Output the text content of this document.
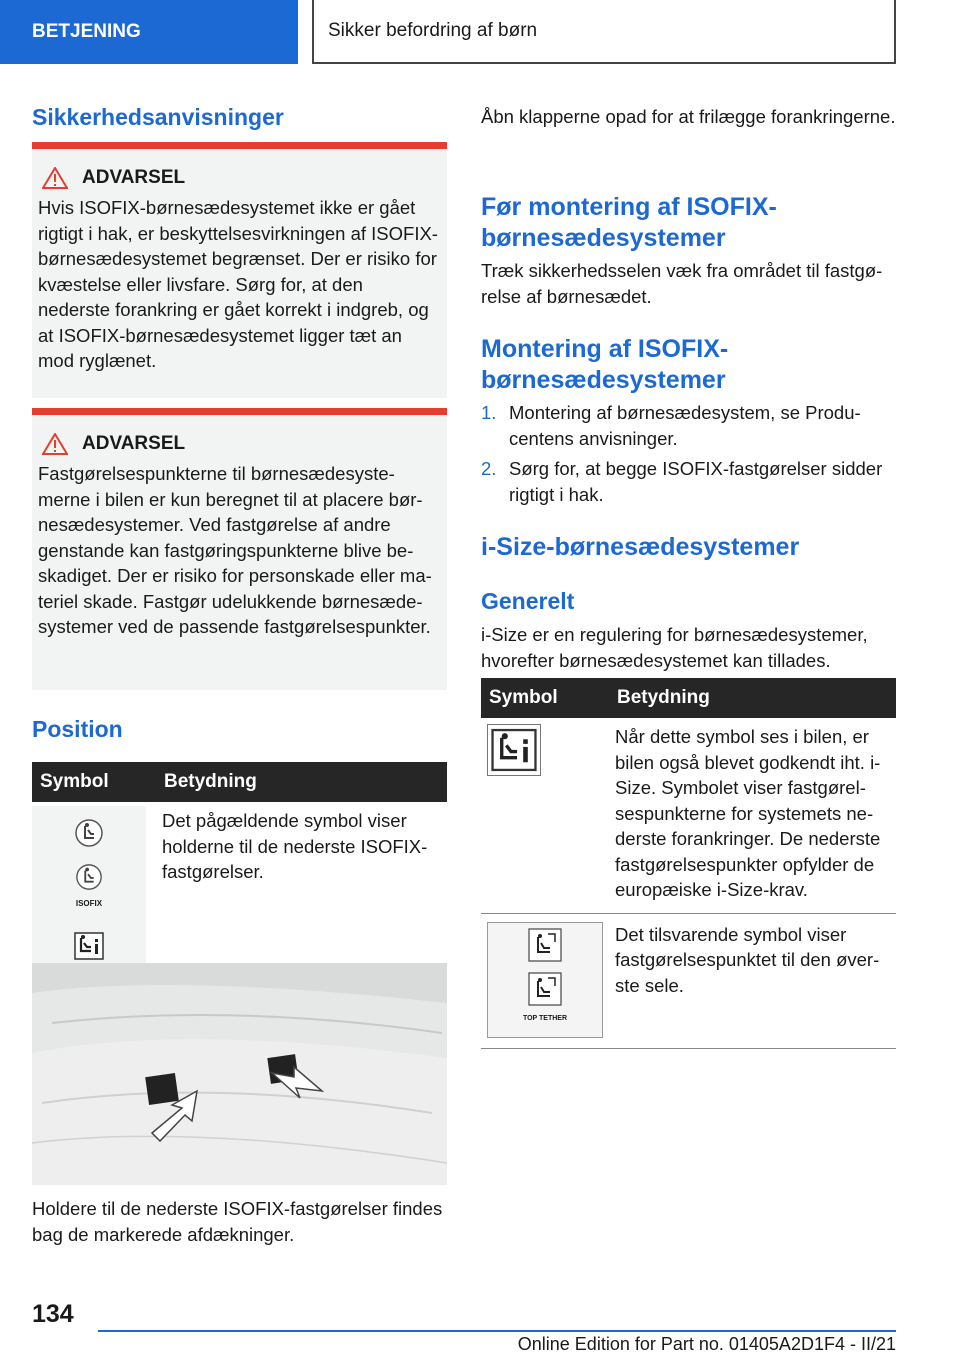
BETJENING	Sikker befordring af børn
Sikkerhedsanvisninger
ADVARSEL
Hvis ISOFIX-børnesædesystemet ikke er gået rigtigt i hak, er beskyttelsesvirkningen af ISOFIX-børnesædesystemet begrænset. Der er risiko for kvæstelse eller livsfare. Sørg for, at den nederste forankring er gået korrekt i indgreb, og at ISOFIX-børnesædesystemet ligger tæt an mod ryglænet.
ADVARSEL
Fastgørelsespunkterne til børnesædesystemerne i bilen er kun beregnet til at placere børnesædesystemer. Ved fastgørelse af andre genstande kan fastgøringspunkterne blive beskadiget. Der er risiko for personskade eller materiel skade. Fastgør udelukkende børnesædesystemer ved de passende fastgørelsespunkter.
Position
Symbol	Betydning

ISOFIX	Det pågældende symbol viser holderne til de nederste ISOFIX-fastgørelser.

Holdere til de nederste ISOFIX-fastgørelser findes bag de markerede afdækninger.

Åbn klapperne opad for at frilægge forankringerne.

Før montering af ISOFIX-børnesædesystemer

Træk sikkerhedsselen væk fra området til fastgørelse af børnesædet.

Montering af ISOFIX-børnesædesystemer
1. Montering af børnesædesystem, se Producentens anvisninger.
2. Sørg for, at begge ISOFIX-fastgørelser sidder rigtigt i hak.
i-Size-børnesædesystemer
Generelt

i-Size er en regulering for børnesædesystemer, hvorefter børnesædesystemet kan tillades.

Symbol	Betydning

	Når dette symbol ses i bilen, er bilen også blevet godkendt iht. i-Size. Symbolet viser fastgørelsespunkterne for systemets nederste forankringer. De nederste fastgørelsespunkter opfylder de europæiske i-Size-krav.

TOP TETHER	Det tilsvarende symbol viser fastgørelsespunktet til den øverste sele.
134
Online Edition for Part no. 01405A2D1F4 - II/21
